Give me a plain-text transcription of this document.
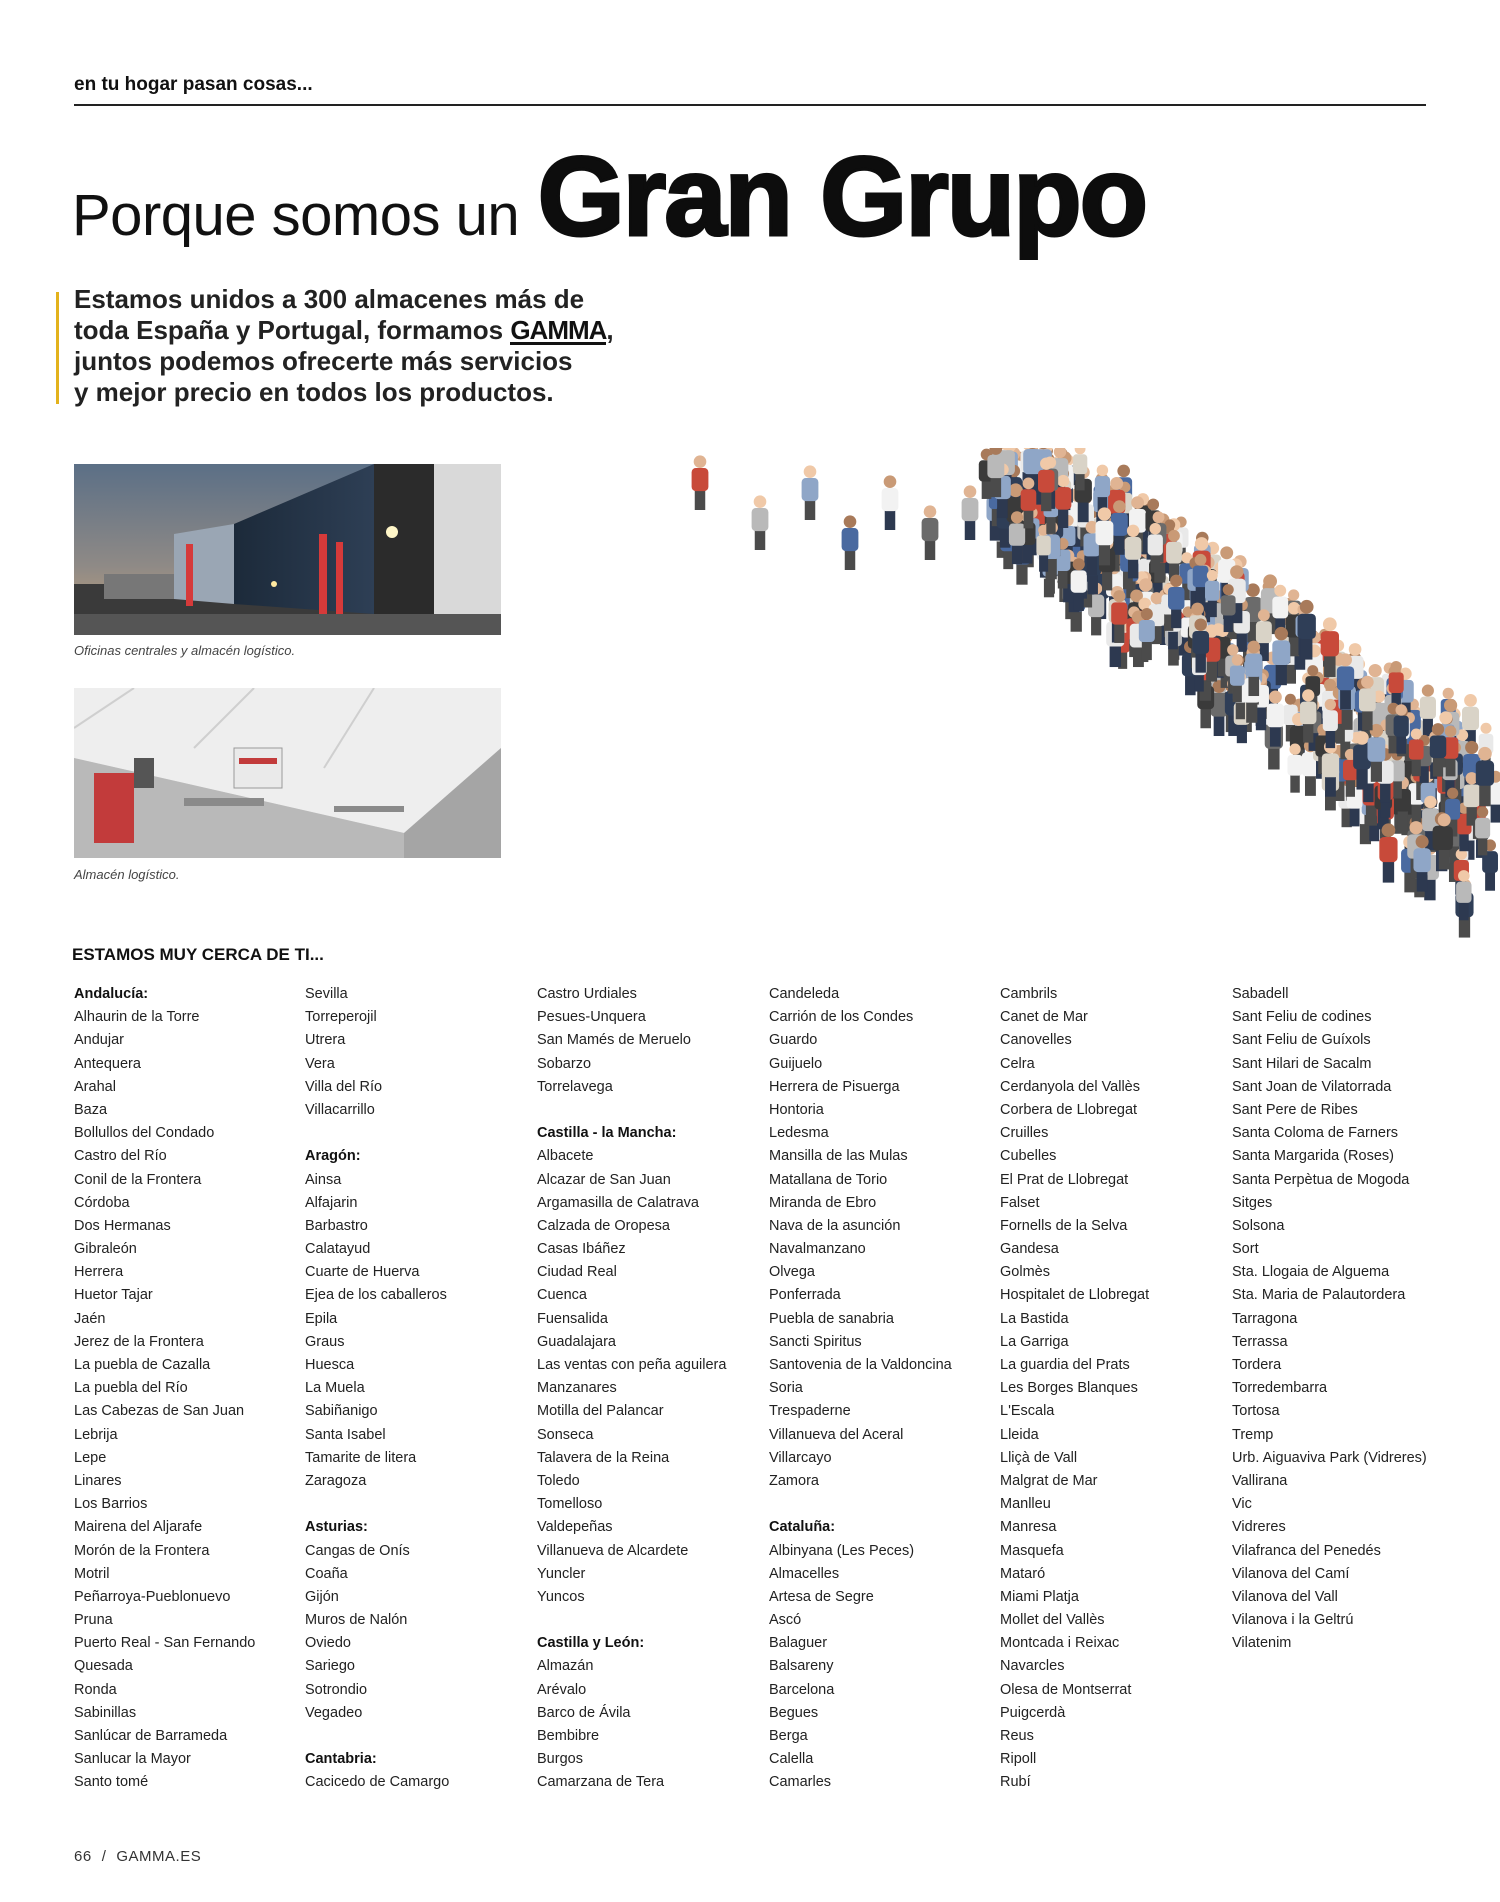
en tu hogar pasan cosas...
Porque somos un Gran Grupo
Estamos unidos a 300 almacenes más de
toda España y Portugal, formamos GAMMA,
juntos podemos ofrecerte más servicios
y mejor precio en todos los productos.
Oficinas centrales y almacén logístico.
Almacén logístico.
ESTAMOS MUY CERCA DE TI...
Andalucía:
Alhaurin de la Torre
Andujar
Antequera
Arahal
Baza
Bollullos del Condado
Castro del Río
Conil de la Frontera
Córdoba
Dos Hermanas
Gibraleón
Herrera
Huetor Tajar
Jaén
Jerez de la Frontera
La puebla de Cazalla
La puebla del Río
Las Cabezas de San Juan
Lebrija
Lepe
Linares
Los Barrios
Mairena del Aljarafe
Morón de la Frontera
Motril
Peñarroya-Pueblonuevo
Pruna
Puerto Real - San Fernando
Quesada
Ronda
Sabinillas
Sanlúcar de Barrameda
Sanlucar la Mayor
Santo tomé
Sevilla
Torreperojil
Utrera
Vera
Villa del Río
Villacarrillo
Aragón:
Ainsa
Alfajarin
Barbastro
Calatayud
Cuarte de Huerva
Ejea de los caballeros
Epila
Graus
Huesca
La Muela
Sabiñanigo
Santa Isabel
Tamarite de litera
Zaragoza
Asturias:
Cangas de Onís
Coaña
Gijón
Muros de Nalón
Oviedo
Sariego
Sotrondio
Vegadeo
Cantabria:
Cacicedo de Camargo
Castro Urdiales
Pesues-Unquera
San Mamés de Meruelo
Sobarzo
Torrelavega
Castilla - la Mancha:
Albacete
Alcazar de San Juan
Argamasilla de Calatrava
Calzada de Oropesa
Casas Ibáñez
Ciudad Real
Cuenca
Fuensalida
Guadalajara
Las ventas con peña aguilera
Manzanares
Motilla del Palancar
Sonseca
Talavera de la Reina
Toledo
Tomelloso
Valdepeñas
Villanueva de Alcardete
Yuncler
Yuncos
Castilla y León:
Almazán
Arévalo
Barco de Ávila
Bembibre
Burgos
Camarzana de Tera
Candeleda
Carrión de los Condes
Guardo
Guijuelo
Herrera de Pisuerga
Hontoria
Ledesma
Mansilla de las Mulas
Matallana de Torio
Miranda de Ebro
Nava de la asunción
Navalmanzano
Olvega
Ponferrada
Puebla de sanabria
Sancti Spiritus
Santovenia de la Valdoncina
Soria
Trespaderne
Villanueva del Aceral
Villarcayo
Zamora
Cataluña:
Albinyana (Les Peces)
Almacelles
Artesa de Segre
Ascó
Balaguer
Balsareny
Barcelona
Begues
Berga
Calella
Camarles
Cambrils
Canet de Mar
Canovelles
Celra
Cerdanyola del Vallès
Corbera de Llobregat
Cruilles
Cubelles
El Prat de Llobregat
Falset
Fornells de la Selva
Gandesa
Golmès
Hospitalet de Llobregat
La Bastida
La Garriga
La guardia del Prats
Les Borges Blanques
L'Escala
Lleida
Lliçà de Vall
Malgrat de Mar
Manlleu
Manresa
Masquefa
Mataró
Miami Platja
Mollet del Vallès
Montcada i Reixac
Navarcles
Olesa de Montserrat
Puigcerdà
Reus
Ripoll
Rubí
Sabadell
Sant Feliu de codines
Sant Feliu de Guíxols
Sant Hilari de Sacalm
Sant Joan de Vilatorrada
Sant Pere de Ribes
Santa Coloma de Farners
Santa Margarida (Roses)
Santa Perpètua de Mogoda
Sitges
Solsona
Sort
Sta. Llogaia de Alguema
Sta. Maria de Palautordera
Tarragona
Terrassa
Tordera
Torredembarra
Tortosa
Tremp
Urb. Aiguaviva Park (Vidreres)
Vallirana
Vic
Vidreres
Vilafranca del Penedés
Vilanova del Camí
Vilanova del Vall
Vilanova i la Geltrú
Vilatenim
66 / GAMMA.ES
